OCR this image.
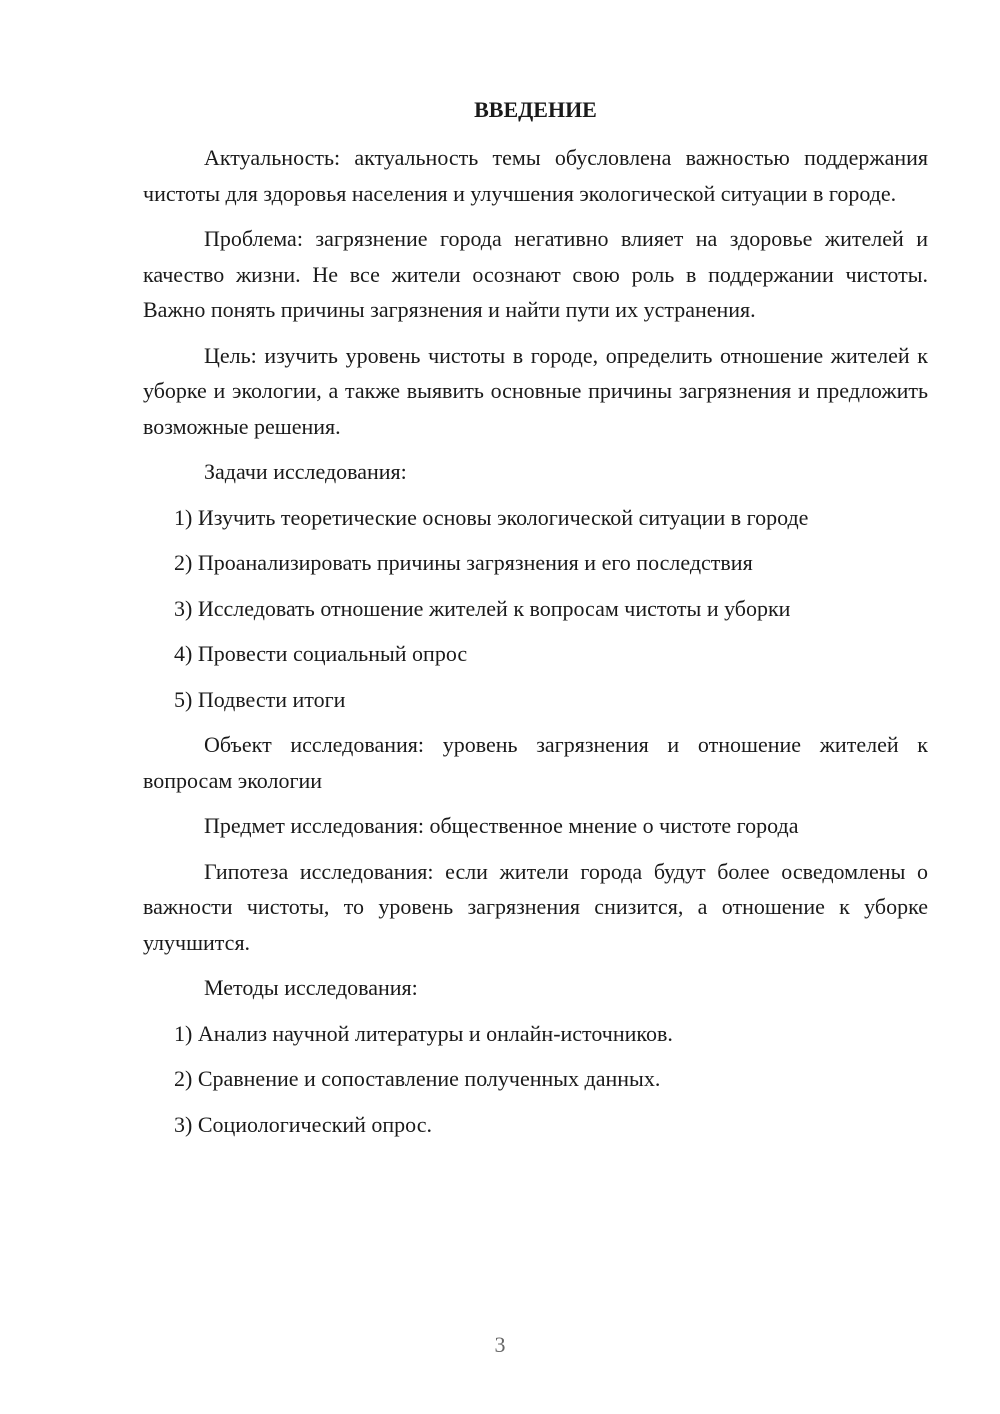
ВВЕДЕНИЕ

Актуальность: актуальность темы обусловлена важностью поддержания чистоты для здоровья населения и улучшения экологической ситуации в городе.

Проблема: загрязнение города негативно влияет на здоровье жителей и качество жизни. Не все жители осознают свою роль в поддержании чистоты. Важно понять причины загрязнения и найти пути их устранения.

Цель: изучить уровень чистоты в городе, определить отношение жителей к уборке и экологии, а также выявить основные причины загрязнения и предложить возможные решения.

Задачи исследования:

1) Изучить теоретические основы экологической ситуации в городе
2) Проанализировать причины загрязнения и его последствия
3) Исследовать отношение жителей к вопросам чистоты и уборки
4) Провести социальный опрос
5) Подвести итоги

Объект исследования: уровень загрязнения и отношение жителей к вопросам экологии

Предмет исследования: общественное мнение о чистоте города

Гипотеза исследования: если жители города будут более осведомлены о важности чистоты, то уровень загрязнения снизится, а отношение к уборке улучшится.

Методы исследования:

1) Анализ научной литературы и онлайн-источников.
2) Сравнение и сопоставление полученных данных.
3) Социологический опрос.
3
